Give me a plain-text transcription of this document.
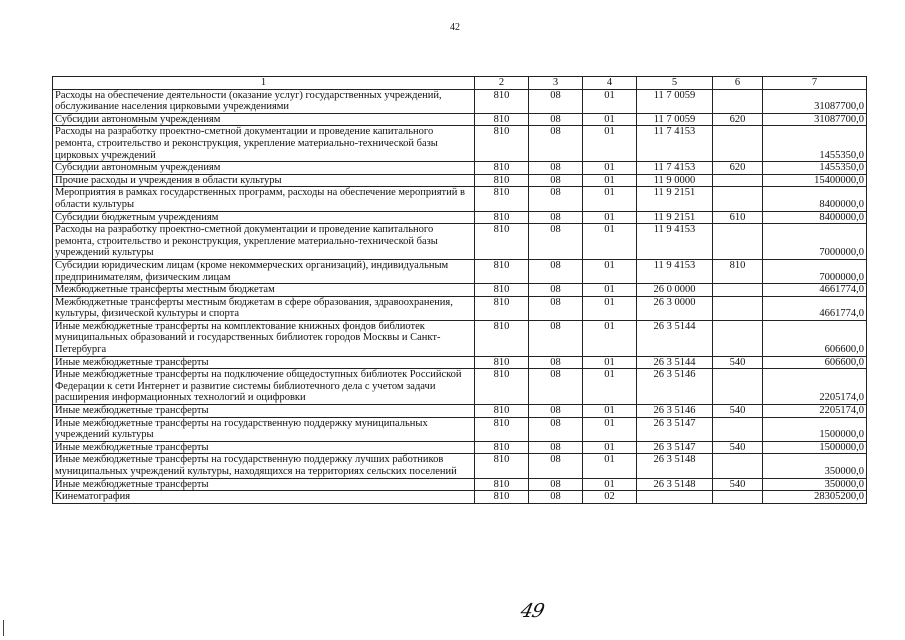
42
1	2	3	4	5	6	7
Расходы на обеспечение деятельности (оказание услуг) государственных учреждений, обслуживание населения цирковыми учреждениями	810	08	01	11 7 0059		31087700,0
Субсидии автономным учреждениям	810	08	01	11 7 0059	620	31087700,0
Расходы на разработку проектно-сметной документации и проведение капитального ремонта, строительство и реконструкция, укрепление материально-технической базы цирковых учреждений	810	08	01	11 7 4153		1455350,0
Субсидии автономным учреждениям	810	08	01	11 7 4153	620	1455350,0
Прочие расходы и учреждения в области культуры	810	08	01	11 9 0000		15400000,0
Мероприятия в рамках государственных программ, расходы на обеспечение мероприятий в области культуры	810	08	01	11 9 2151		8400000,0
Субсидии бюджетным учреждениям	810	08	01	11 9 2151	610	8400000,0
Расходы на разработку проектно-сметной документации и проведение капитального ремонта, строительство и реконструкция, укрепление материально-технической базы учреждений культуры	810	08	01	11 9 4153		7000000,0
Субсидии юридическим лицам (кроме некоммерческих организаций), индивидуальным предпринимателям, физическим лицам	810	08	01	11 9 4153	810	7000000,0
Межбюджетные трансферты местным бюджетам	810	08	01	26 0 0000		4661774,0
Межбюджетные трансферты местным бюджетам в сфере образования, здравоохранения, культуры, физической культуры и спорта	810	08	01	26 3 0000		4661774,0
Иные межбюджетные трансферты на комплектование книжных фондов библиотек муниципальных образований и государственных библиотек городов Москвы и Санкт-Петербурга	810	08	01	26 3 5144		606600,0
Иные межбюджетные трансферты	810	08	01	26 3 5144	540	606600,0
Иные межбюджетные трансферты на подключение общедоступных библиотек Российской Федерации к сети Интернет и развитие системы библиотечного дела с учетом задачи расширения информационных технологий и оцифровки	810	08	01	26 3 5146		2205174,0
Иные межбюджетные трансферты	810	08	01	26 3 5146	540	2205174,0
Иные межбюджетные трансферты на государственную поддержку муниципальных учреждений культуры	810	08	01	26 3 5147		1500000,0
Иные межбюджетные трансферты	810	08	01	26 3 5147	540	1500000,0
Иные межбюджетные трансферты на государственную поддержку лучших работников муниципальных учреждений культуры, находящихся на территориях сельских поселений	810	08	01	26 3 5148		350000,0
Иные межбюджетные трансферты	810	08	01	26 3 5148	540	350000,0
Кинематография	810	08	02			28305200,0
49
